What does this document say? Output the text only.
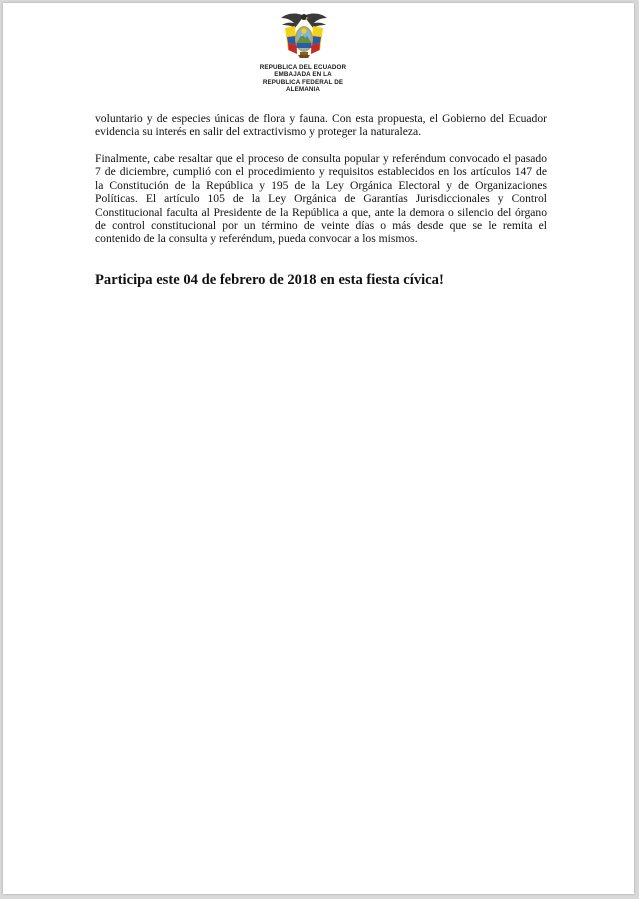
REPUBLICA DEL ECUADOR
EMBAJADA EN LA
REPUBLICA FEDERAL DE
ALEMANIA
voluntario y de especies únicas de flora y fauna. Con esta propuesta, el Gobierno del Ecuador
evidencia su interés en salir del extractivismo y proteger la naturaleza.
Finalmente, cabe resaltar que el proceso de consulta popular y referéndum convocado el pasado
7 de diciembre, cumplió con el procedimiento y requisitos establecidos en los artículos 147 de
la Constitución de la República y 195 de la Ley Orgánica Electoral y de Organizaciones
Políticas. El artículo 105 de la Ley Orgánica de Garantías Jurisdiccionales y Control
Constitucional faculta al Presidente de la República a que, ante la demora o silencio del órgano
de control constitucional por un término de veinte días o más desde que se le remita el
contenido de la consulta y referéndum, pueda convocar a los mismos.
Participa este 04 de febrero de 2018 en esta fiesta cívica!
